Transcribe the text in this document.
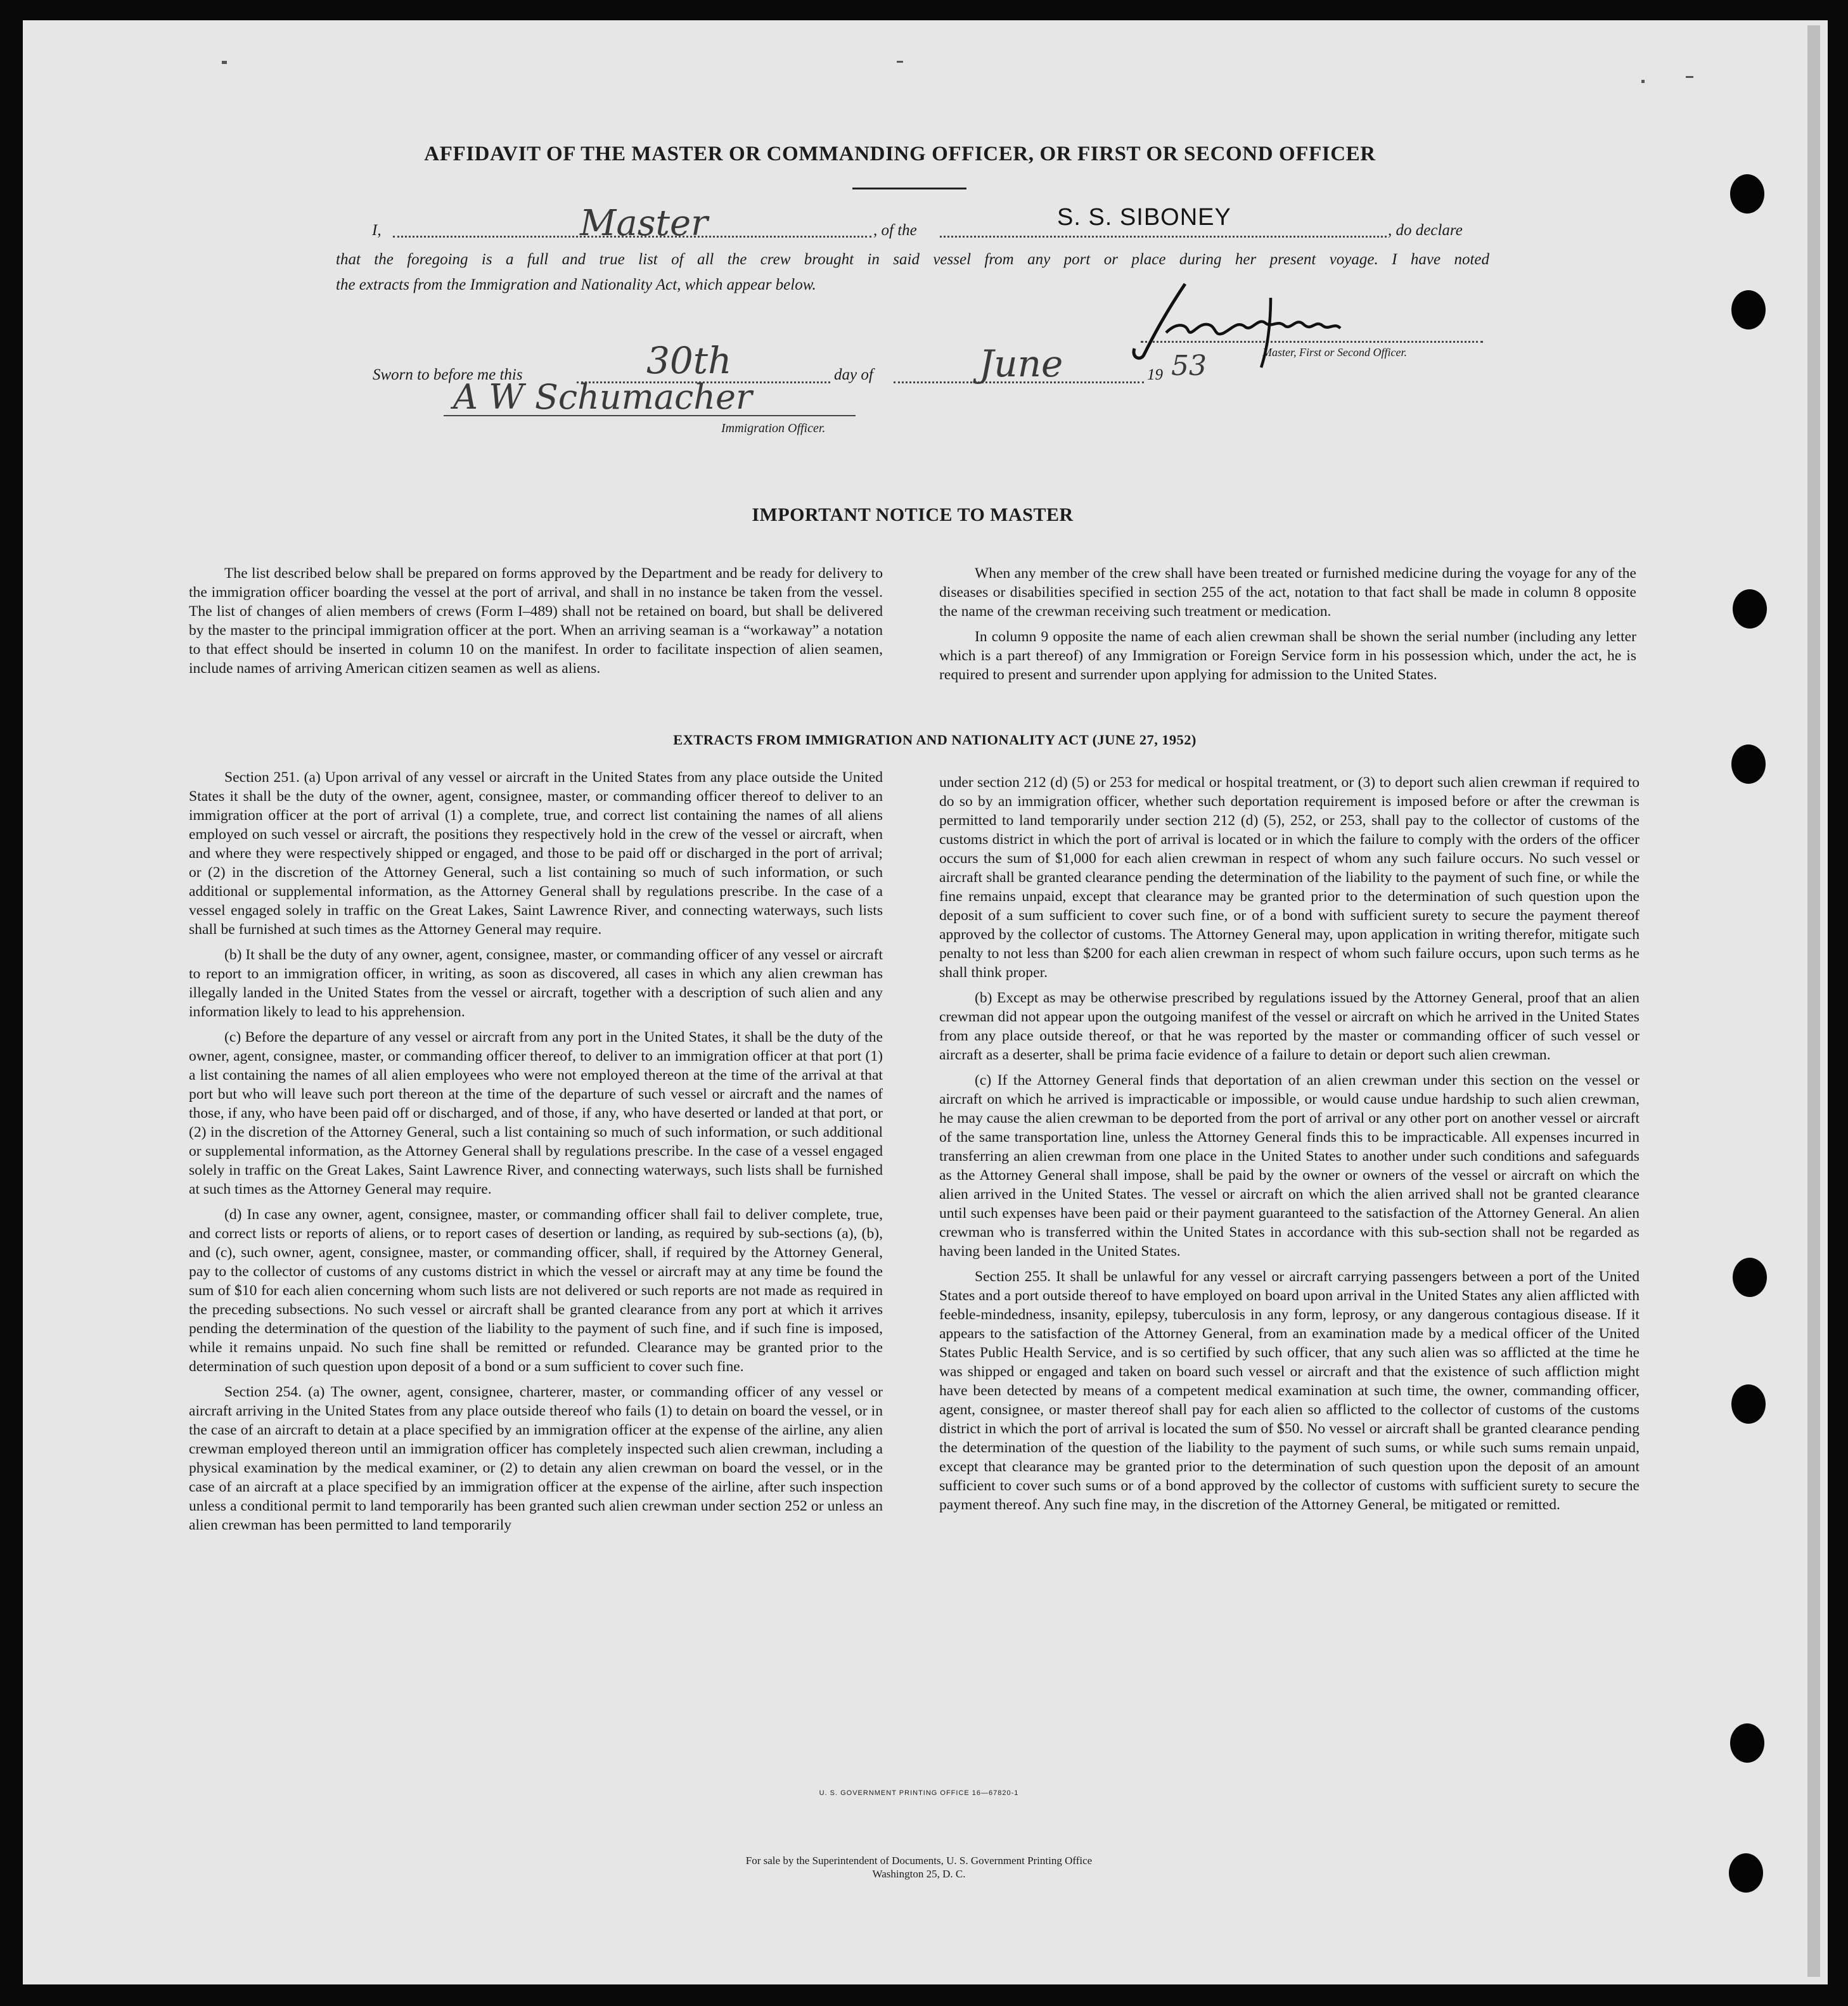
AFFIDAVIT OF THE MASTER OR COMMANDING OFFICER, OR FIRST OR SECOND OFFICER
I,	Master	, of the	S. S. SIBONEY	, do declare
that the foregoing is a full and true list of all the crew brought in said vessel from any port or place during her present voyage. I have noted
the extracts from the Immigration and Nationality Act, which appear below.
Master, First or Second Officer.
Sworn to before me this	30th	day of	June	19 53
A W Schumacher
Immigration Officer.
IMPORTANT NOTICE TO MASTER

The list described below shall be prepared on forms approved by the Department and be ready for delivery to the immigration officer boarding the vessel at the port of arrival, and shall in no instance be taken from the vessel. The list of changes of alien members of crews (Form I–489) shall not be retained on board, but shall be delivered by the master to the principal immigration officer at the port. When an arriving seaman is a “workaway” a notation to that effect should be inserted in column 10 on the manifest. In order to facilitate inspection of alien seamen, include names of arriving American citizen seamen as well as aliens.

When any member of the crew shall have been treated or furnished medicine during the voyage for any of the diseases or disabilities specified in section 255 of the act, notation to that fact shall be made in column 8 opposite the name of the crewman receiving such treatment or medication.

In column 9 opposite the name of each alien crewman shall be shown the serial number (including any letter which is a part thereof) of any Immigration or Foreign Service form in his possession which, under the act, he is required to present and surrender upon applying for admission to the United States.

EXTRACTS FROM IMMIGRATION AND NATIONALITY ACT (JUNE 27, 1952)

Section 251. (a) Upon arrival of any vessel or aircraft in the United States from any place outside the United States it shall be the duty of the owner, agent, consignee, master, or commanding officer thereof to deliver to an immigration officer at the port of arrival (1) a complete, true, and correct list containing the names of all aliens employed on such vessel or aircraft, the positions they respectively hold in the crew of the vessel or aircraft, when and where they were respectively shipped or engaged, and those to be paid off or discharged in the port of arrival; or (2) in the discretion of the Attorney General, such a list containing so much of such information, or such additional or supplemental information, as the Attorney General shall by regulations prescribe. In the case of a vessel engaged solely in traffic on the Great Lakes, Saint Lawrence River, and connecting waterways, such lists shall be furnished at such times as the Attorney General may require.

(b) It shall be the duty of any owner, agent, consignee, master, or commanding officer of any vessel or aircraft to report to an immigration officer, in writing, as soon as discovered, all cases in which any alien crewman has illegally landed in the United States from the vessel or aircraft, together with a description of such alien and any information likely to lead to his apprehension.

(c) Before the departure of any vessel or aircraft from any port in the United States, it shall be the duty of the owner, agent, consignee, master, or commanding officer thereof, to deliver to an immigration officer at that port (1) a list containing the names of all alien employees who were not employed thereon at the time of the arrival at that port but who will leave such port thereon at the time of the departure of such vessel or aircraft and the names of those, if any, who have been paid off or discharged, and of those, if any, who have deserted or landed at that port, or (2) in the discretion of the Attorney General, such a list containing so much of such information, or such additional or supplemental information, as the Attorney General shall by regulations prescribe. In the case of a vessel engaged solely in traffic on the Great Lakes, Saint Lawrence River, and connecting waterways, such lists shall be furnished at such times as the Attorney General may require.

(d) In case any owner, agent, consignee, master, or commanding officer shall fail to deliver complete, true, and correct lists or reports of aliens, or to report cases of desertion or landing, as required by sub-sections (a), (b), and (c), such owner, agent, consignee, master, or commanding officer, shall, if required by the Attorney General, pay to the collector of customs of any customs district in which the vessel or aircraft may at any time be found the sum of $10 for each alien concerning whom such lists are not delivered or such reports are not made as required in the preceding subsections. No such vessel or aircraft shall be granted clearance from any port at which it arrives pending the determination of the question of the liability to the payment of such fine, and if such fine is imposed, while it remains unpaid. No such fine shall be remitted or refunded. Clearance may be granted prior to the determination of such question upon deposit of a bond or a sum sufficient to cover such fine.

Section 254. (a) The owner, agent, consignee, charterer, master, or commanding officer of any vessel or aircraft arriving in the United States from any place outside thereof who fails (1) to detain on board the vessel, or in the case of an aircraft to detain at a place specified by an immigration officer at the expense of the airline, any alien crewman employed thereon until an immigration officer has completely inspected such alien crewman, including a physical examination by the medical examiner, or (2) to detain any alien crewman on board the vessel, or in the case of an aircraft at a place specified by an immigration officer at the expense of the airline, after such inspection unless a conditional permit to land temporarily has been granted such alien crewman under section 252 or unless an alien crewman has been permitted to land temporarily

under section 212 (d) (5) or 253 for medical or hospital treatment, or (3) to deport such alien crewman if required to do so by an immigration officer, whether such deportation requirement is imposed before or after the crewman is permitted to land temporarily under section 212 (d) (5), 252, or 253, shall pay to the collector of customs of the customs district in which the port of arrival is located or in which the failure to comply with the orders of the officer occurs the sum of $1,000 for each alien crewman in respect of whom any such failure occurs. No such vessel or aircraft shall be granted clearance pending the determination of the liability to the payment of such fine, or while the fine remains unpaid, except that clearance may be granted prior to the determination of such question upon the deposit of a sum sufficient to cover such fine, or of a bond with sufficient surety to secure the payment thereof approved by the collector of customs. The Attorney General may, upon application in writing therefor, mitigate such penalty to not less than $200 for each alien crewman in respect of whom such failure occurs, upon such terms as he shall think proper.

(b) Except as may be otherwise prescribed by regulations issued by the Attorney General, proof that an alien crewman did not appear upon the outgoing manifest of the vessel or aircraft on which he arrived in the United States from any place outside thereof, or that he was reported by the master or commanding officer of such vessel or aircraft as a deserter, shall be prima facie evidence of a failure to detain or deport such alien crewman.

(c) If the Attorney General finds that deportation of an alien crewman under this section on the vessel or aircraft on which he arrived is impracticable or impossible, or would cause undue hardship to such alien crewman, he may cause the alien crewman to be deported from the port of arrival or any other port on another vessel or aircraft of the same transportation line, unless the Attorney General finds this to be impracticable. All expenses incurred in transferring an alien crewman from one place in the United States to another under such conditions and safeguards as the Attorney General shall impose, shall be paid by the owner or owners of the vessel or aircraft on which the alien arrived in the United States. The vessel or aircraft on which the alien arrived shall not be granted clearance until such expenses have been paid or their payment guaranteed to the satisfaction of the Attorney General. An alien crewman who is transferred within the United States in accordance with this sub-section shall not be regarded as having been landed in the United States.

Section 255. It shall be unlawful for any vessel or aircraft carrying passengers between a port of the United States and a port outside thereof to have employed on board upon arrival in the United States any alien afflicted with feeble-mindedness, insanity, epilepsy, tuberculosis in any form, leprosy, or any dangerous contagious disease. If it appears to the satisfaction of the Attorney General, from an examination made by a medical officer of the United States Public Health Service, and is so certified by such officer, that any such alien was so afflicted at the time he was shipped or engaged and taken on board such vessel or aircraft and that the existence of such affliction might have been detected by means of a competent medical examination at such time, the owner, commanding officer, agent, consignee, or master thereof shall pay for each alien so afflicted to the collector of customs of the customs district in which the port of arrival is located the sum of $50. No vessel or aircraft shall be granted clearance pending the determination of the question of the liability to the payment of such sums, or while such sums remain unpaid, except that clearance may be granted prior to the determination of such question upon the deposit of an amount sufficient to cover such sums or of a bond approved by the collector of customs with sufficient surety to secure the payment thereof. Any such fine may, in the discretion of the Attorney General, be mitigated or remitted.

U. S. GOVERNMENT PRINTING OFFICE 16—67820-1
For sale by the Superintendent of Documents, U. S. Government Printing Office
Washington 25, D. C.
